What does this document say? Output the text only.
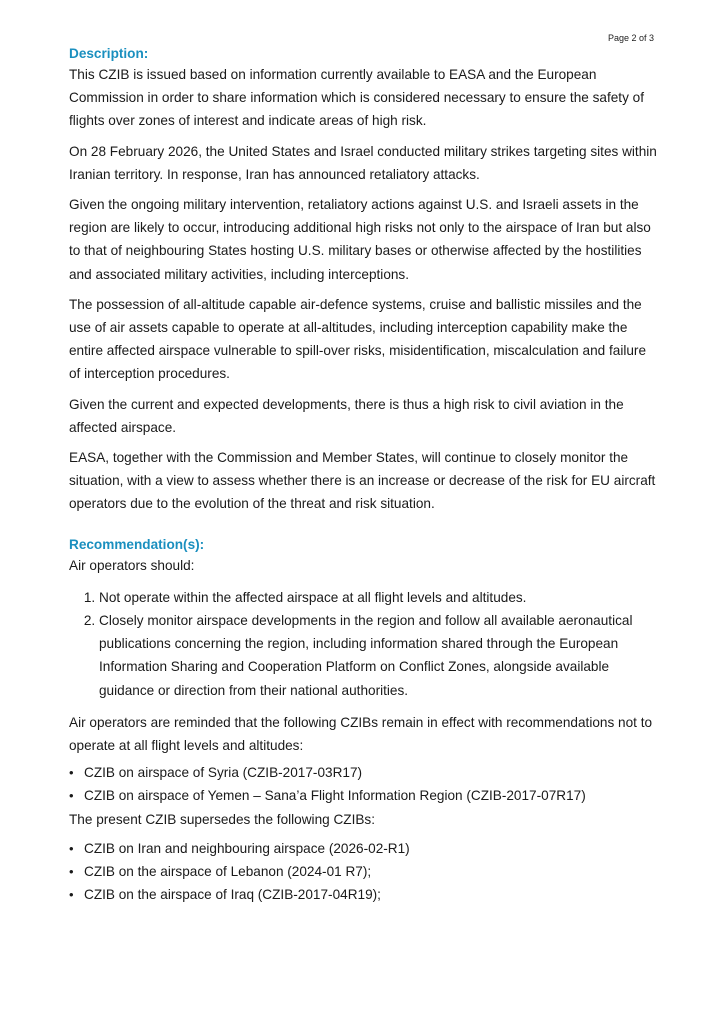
Page 2 of 3
Description:

This CZIB is issued based on information currently available to EASA and the European Commission in order to share information which is considered necessary to ensure the safety of flights over zones of interest and indicate areas of high risk.

On 28 February 2026, the United States and Israel conducted military strikes targeting sites within Iranian territory. In response, Iran has announced retaliatory attacks.

Given the ongoing military intervention, retaliatory actions against U.S. and Israeli assets in the region are likely to occur, introducing additional high risks not only to the airspace of Iran but also to that of neighbouring States hosting U.S. military bases or otherwise affected by the hostilities and associated military activities, including interceptions.

The possession of all-altitude capable air-defence systems, cruise and ballistic missiles and the use of air assets capable to operate at all-altitudes, including interception capability make the entire affected airspace vulnerable to spill-over risks, misidentification, miscalculation and failure of interception procedures.

Given the current and expected developments, there is thus a high risk to civil aviation in the affected airspace.

EASA, together with the Commission and Member States, will continue to closely monitor the situation, with a view to assess whether there is an increase or decrease of the risk for EU aircraft operators due to the evolution of the threat and risk situation.

Recommendation(s):

Air operators should:

1. Not operate within the affected airspace at all flight levels and altitudes.
2. Closely monitor airspace developments in the region and follow all available aeronautical publications concerning the region, including information shared through the European Information Sharing and Cooperation Platform on Conflict Zones, alongside available guidance or direction from their national authorities.

Air operators are reminded that the following CZIBs remain in effect with recommendations not to operate at all flight levels and altitudes:

• CZIB on airspace of Syria (CZIB-2017-03R17)
• CZIB on airspace of Yemen – Sana’a Flight Information Region (CZIB-2017-07R17)

The present CZIB supersedes the following CZIBs:

• CZIB on Iran and neighbouring airspace (2026-02-R1)
• CZIB on the airspace of Lebanon (2024-01 R7);
• CZIB on the airspace of Iraq (CZIB-2017-04R19);
